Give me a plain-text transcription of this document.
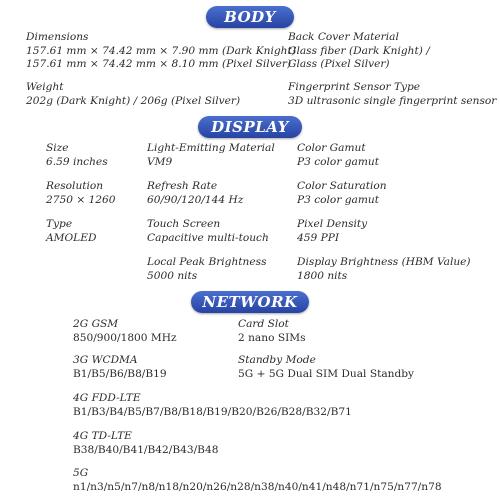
BODY
Dimensions
157.61 mm × 74.42 mm × 7.90 mm (Dark Knight)
157.61 mm × 74.42 mm × 8.10 mm (Pixel Silver)
Back Cover Material
Glass fiber (Dark Knight) /
Glass (Pixel Silver)
Weight
202g (Dark Knight) / 206g (Pixel Silver)
Fingerprint Sensor Type
3D ultrasonic single fingerprint sensor
DISPLAY
Size
6.59 inches
Light-Emitting Material
VM9
Color Gamut
P3 color gamut
Resolution
2750 × 1260
Refresh Rate
60/90/120/144 Hz
Color Saturation
P3 color gamut
Type
AMOLED
Touch Screen
Capacitive multi-touch
Pixel Density
459 PPI
Local Peak Brightness
5000 nits
Display Brightness (HBM Value)
1800 nits
NETWORK
2G GSM
850/900/1800 MHz
Card Slot
2 nano SIMs
3G WCDMA
B1/B5/B6/B8/B19
Standby Mode
5G + 5G Dual SIM Dual Standby
4G FDD-LTE
B1/B3/B4/B5/B7/B8/B18/B19/B20/B26/B28/B32/B71
4G TD-LTE
B38/B40/B41/B42/B43/B48
5G
n1/n3/n5/n7/n8/n18/n20/n26/n28/n38/n40/n41/n48/n71/n75/n77/n78
